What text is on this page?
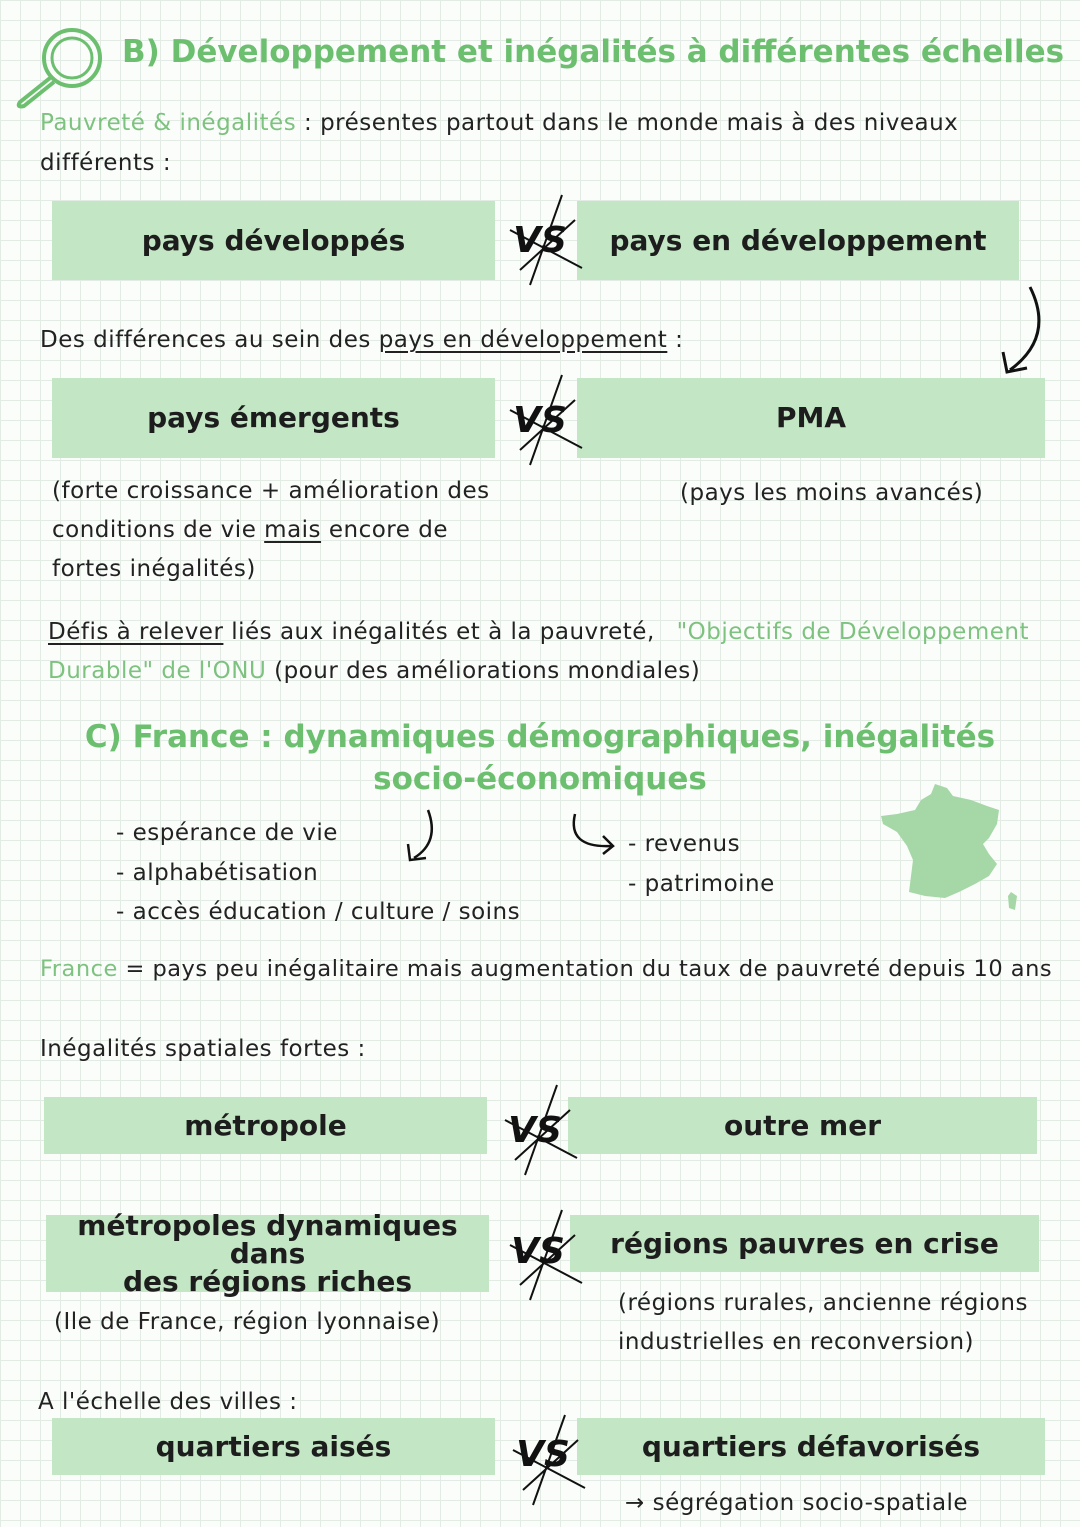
B) Développement et inégalités à différentes échelles
Pauvreté & inégalités : présentes partout dans le monde mais à des niveaux
différents :
pays développés	pays en développement
VS
Des différences au sein des pays en développement :
pays émergents	PMA
VS
(forte croissance + amélioration des
conditions de vie mais encore de
fortes inégalités)
(pays les moins avancés)
Défis à relever liés aux inégalités et à la pauvreté, "Objectifs de Développement
Durable" de l'ONU (pour des améliorations mondiales)
C) France : dynamiques démographiques, inégalités
socio-économiques
- espérance de vie
- alphabétisation
- accès éducation / culture / soins
- revenus
- patrimoine
France = pays peu inégalitaire mais augmentation du taux de pauvreté depuis 10 ans
Inégalités spatiales fortes :
métropole	outre mer
VS
métropoles dynamiques dans
des régions riches
régions pauvres en crise
VS
(Ile de France, région lyonnaise)
(régions rurales, ancienne régions
industrielles en reconversion)
A l'échelle des villes :
quartiers aisés	quartiers défavorisés
VS
→ ségrégation socio-spatiale
